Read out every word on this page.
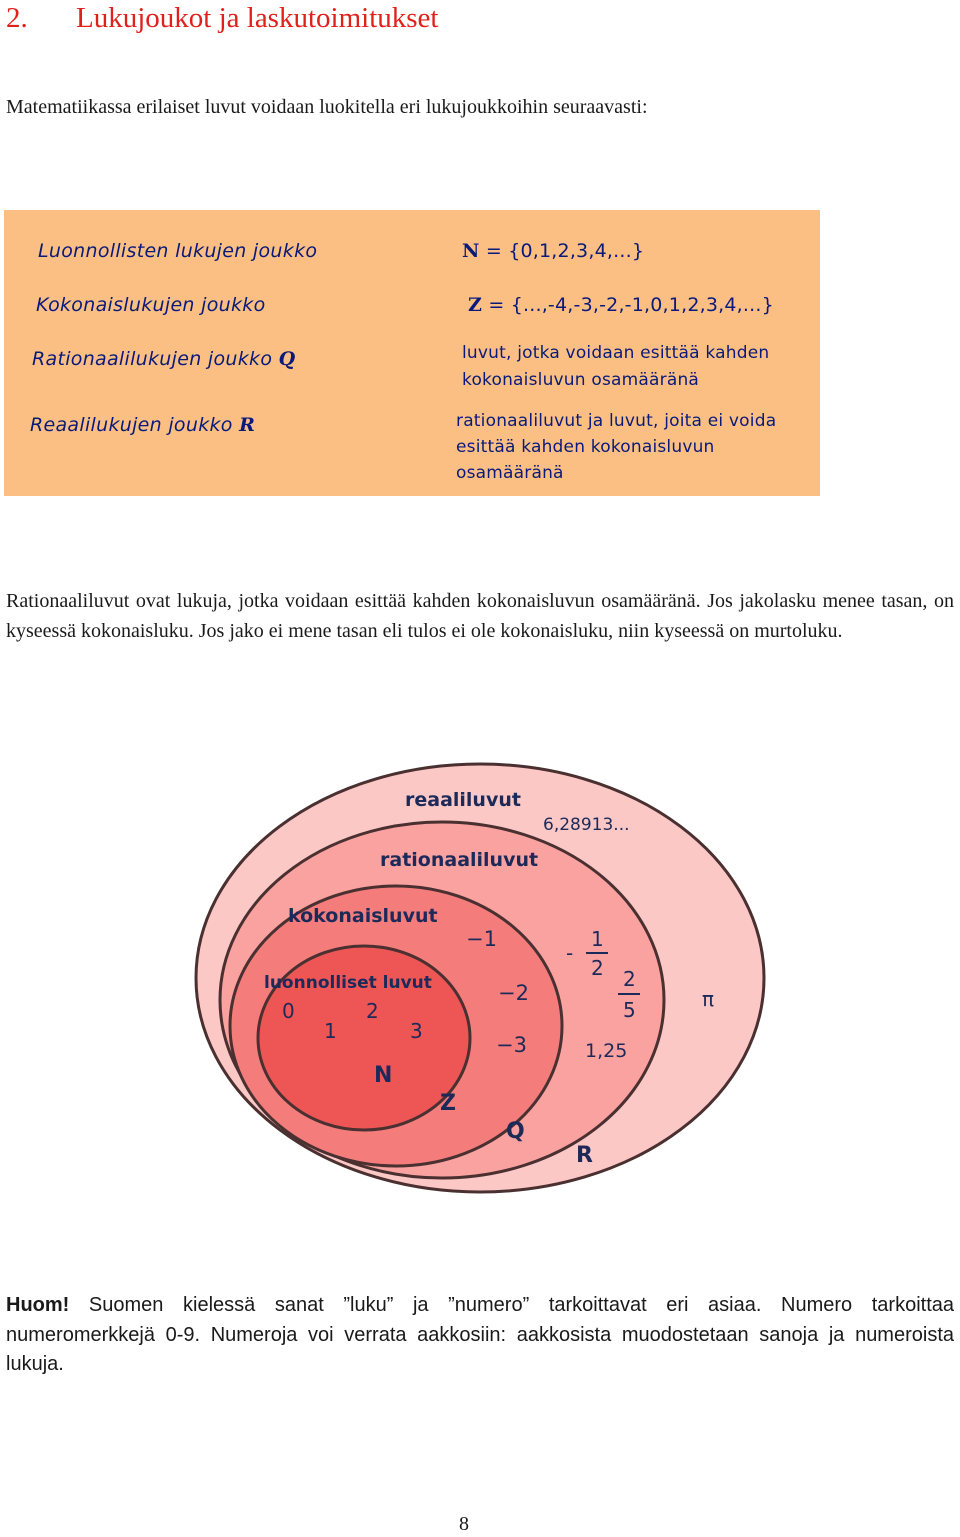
2. Lukujoukot ja laskutoimitukset
Matematiikassa erilaiset luvut voidaan luokitella eri lukujoukkoihin seuraavasti:
Luonnollisten lukujen joukko
Kokonaislukujen joukko
Rationaalilukujen joukko Q
Reaalilukujen joukko R
N = {0,1,2,3,4,...}
Z = {...,-4,-3,-2,-1,0,1,2,3,4,...}
luvut, jotka voidaan esittää kahden
kokonaisluvun osamääränä
rationaaliluvut ja luvut, joita ei voida
esittää kahden kokonaisluvun
osamääränä
Rationaaliluvut ovat lukuja, jotka voidaan esittää kahden kokonaisluvun osamääränä. Jos jakolasku menee tasan, on kyseessä kokonaisluku. Jos jako ei mene tasan eli tulos ei ole kokonaisluku, niin kyseessä on murtoluku.
reaaliluvut
6,28913...
rationaaliluvut
kokonaisluvut
luonnolliset luvut
0	2
1	3
N
−1
−2
−3
Z
-
1
2 2
5
1,25
Q
π
R
Huom! Suomen kielessä sanat ”luku” ja ”numero” tarkoittavat eri asiaa. Numero tarkoittaa numeromerkkejä 0-9. Numeroja voi verrata aakkosiin: aakkosista muodostetaan sanoja ja numeroista lukuja.
8
